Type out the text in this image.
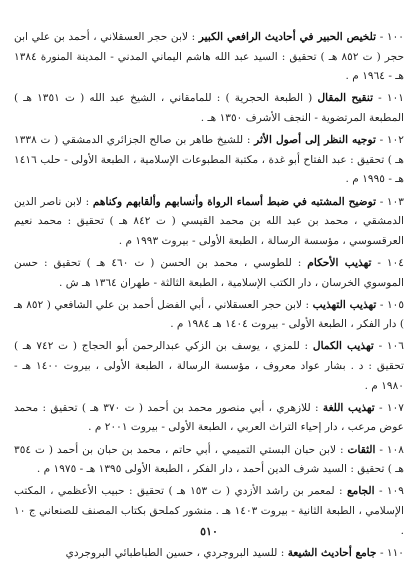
١٠٠ - تلخيص الحبير في أحاديث الرافعي الكبير : لابن حجر العسقلاني ، أحمد بن علي ابن حجر ( ت ٨٥٢ هـ ) تحقيق : السيد عبد الله هاشم اليماني المدني - المدينة المنورة ١٣٨٤ هـ - ١٩٦٤ م .
١٠١ - تنقيح المقال ( الطبعة الحجرية ) : للمامقاني ، الشيخ عبد الله ( ت ١٣٥١ هـ ) المطبعة المرتضوية - النجف الأشرف ١٣٥٠ هـ .
١٠٢ - توجيه النظر إلى أصول الأثر : للشيخ طاهر بن صالح الجزائري الدمشقي ( ت ١٣٣٨ هـ ) تحقيق : عبد الفتاح أبو غدة ، مكتبة المطبوعات الإسلامية ، الطبعة الأولى - حلب ١٤١٦ هـ - ١٩٩٥ م .
١٠٣ - توضيح المشتبه في ضبط أسماء الرواة وأنسابهم وألقابهم وكناهم : لابن ناصر الدين الدمشقي ، محمد بن عبد الله بن محمد القيسي ( ت ٨٤٢ هـ ) تحقيق : محمد نعيم العرقسوسي ، مؤسسة الرسالة ، الطبعة الأولى - بيروت ١٩٩٣ م .
١٠٤ - تهذيب الأحكام : للطوسي ، محمد بن الحسن ( ت ٤٦٠ هـ ) تحقيق : حسن الموسوي الخرسان ، دار الكتب الإسلامية ، الطبعة الثالثة - طهران ١٣٦٤ هـ ش .
١٠٥ - تهذيب التهذيب : لابن حجر العسقلاني ، أبي الفضل أحمد بن علي الشافعي ( ٨٥٢ هـ ) دار الفكر ، الطبعة الأولى - بيروت ١٤٠٤ هـ ١٩٨٤ م .
١٠٦ - تهذيب الكمال : للمزي ، يوسف بن الزكي عبدالرحمن أبو الحجاج ( ت ٧٤٢ هـ ) تحقيق : د . بشار عواد معروف ، مؤسسة الرسالة ، الطبعة الأولى ، بيروت ١٤٠٠ هـ - ١٩٨٠ م .
١٠٧ - تهذيب اللغة : للازهري ، أبي منصور محمد بن أحمد ( ت ٣٧٠ هـ ) تحقيق : محمد عوض مرعب ، دار إحياء التراث العربي ، الطبعة الأولى - بيروت ٢٠٠١ م .
١٠٨ - الثقات : لابن حبان البستي التميمي ، أبي حاتم ، محمد بن حبان بن أحمد ( ت ٣٥٤ هـ ) تحقيق : السيد شرف الدين أحمد ، دار الفكر ، الطبعة الأولى ١٣٩٥ هـ - ١٩٧٥ م .
١٠٩ - الجامع : لمعمر بن راشد الأزدي ( ت ١٥٣ هـ ) تحقيق : حبيب الأعظمي ، المكتب الإسلامي ، الطبعة الثانية - بيروت ١٤٠٣ هـ . منشور كملحق بكتاب المصنف للصنعاني ج ١٠ .
١١٠ - جامع أحاديث الشيعة : للسيد البروجردي ، حسين الطباطبائي البروجردي
٥١٠
